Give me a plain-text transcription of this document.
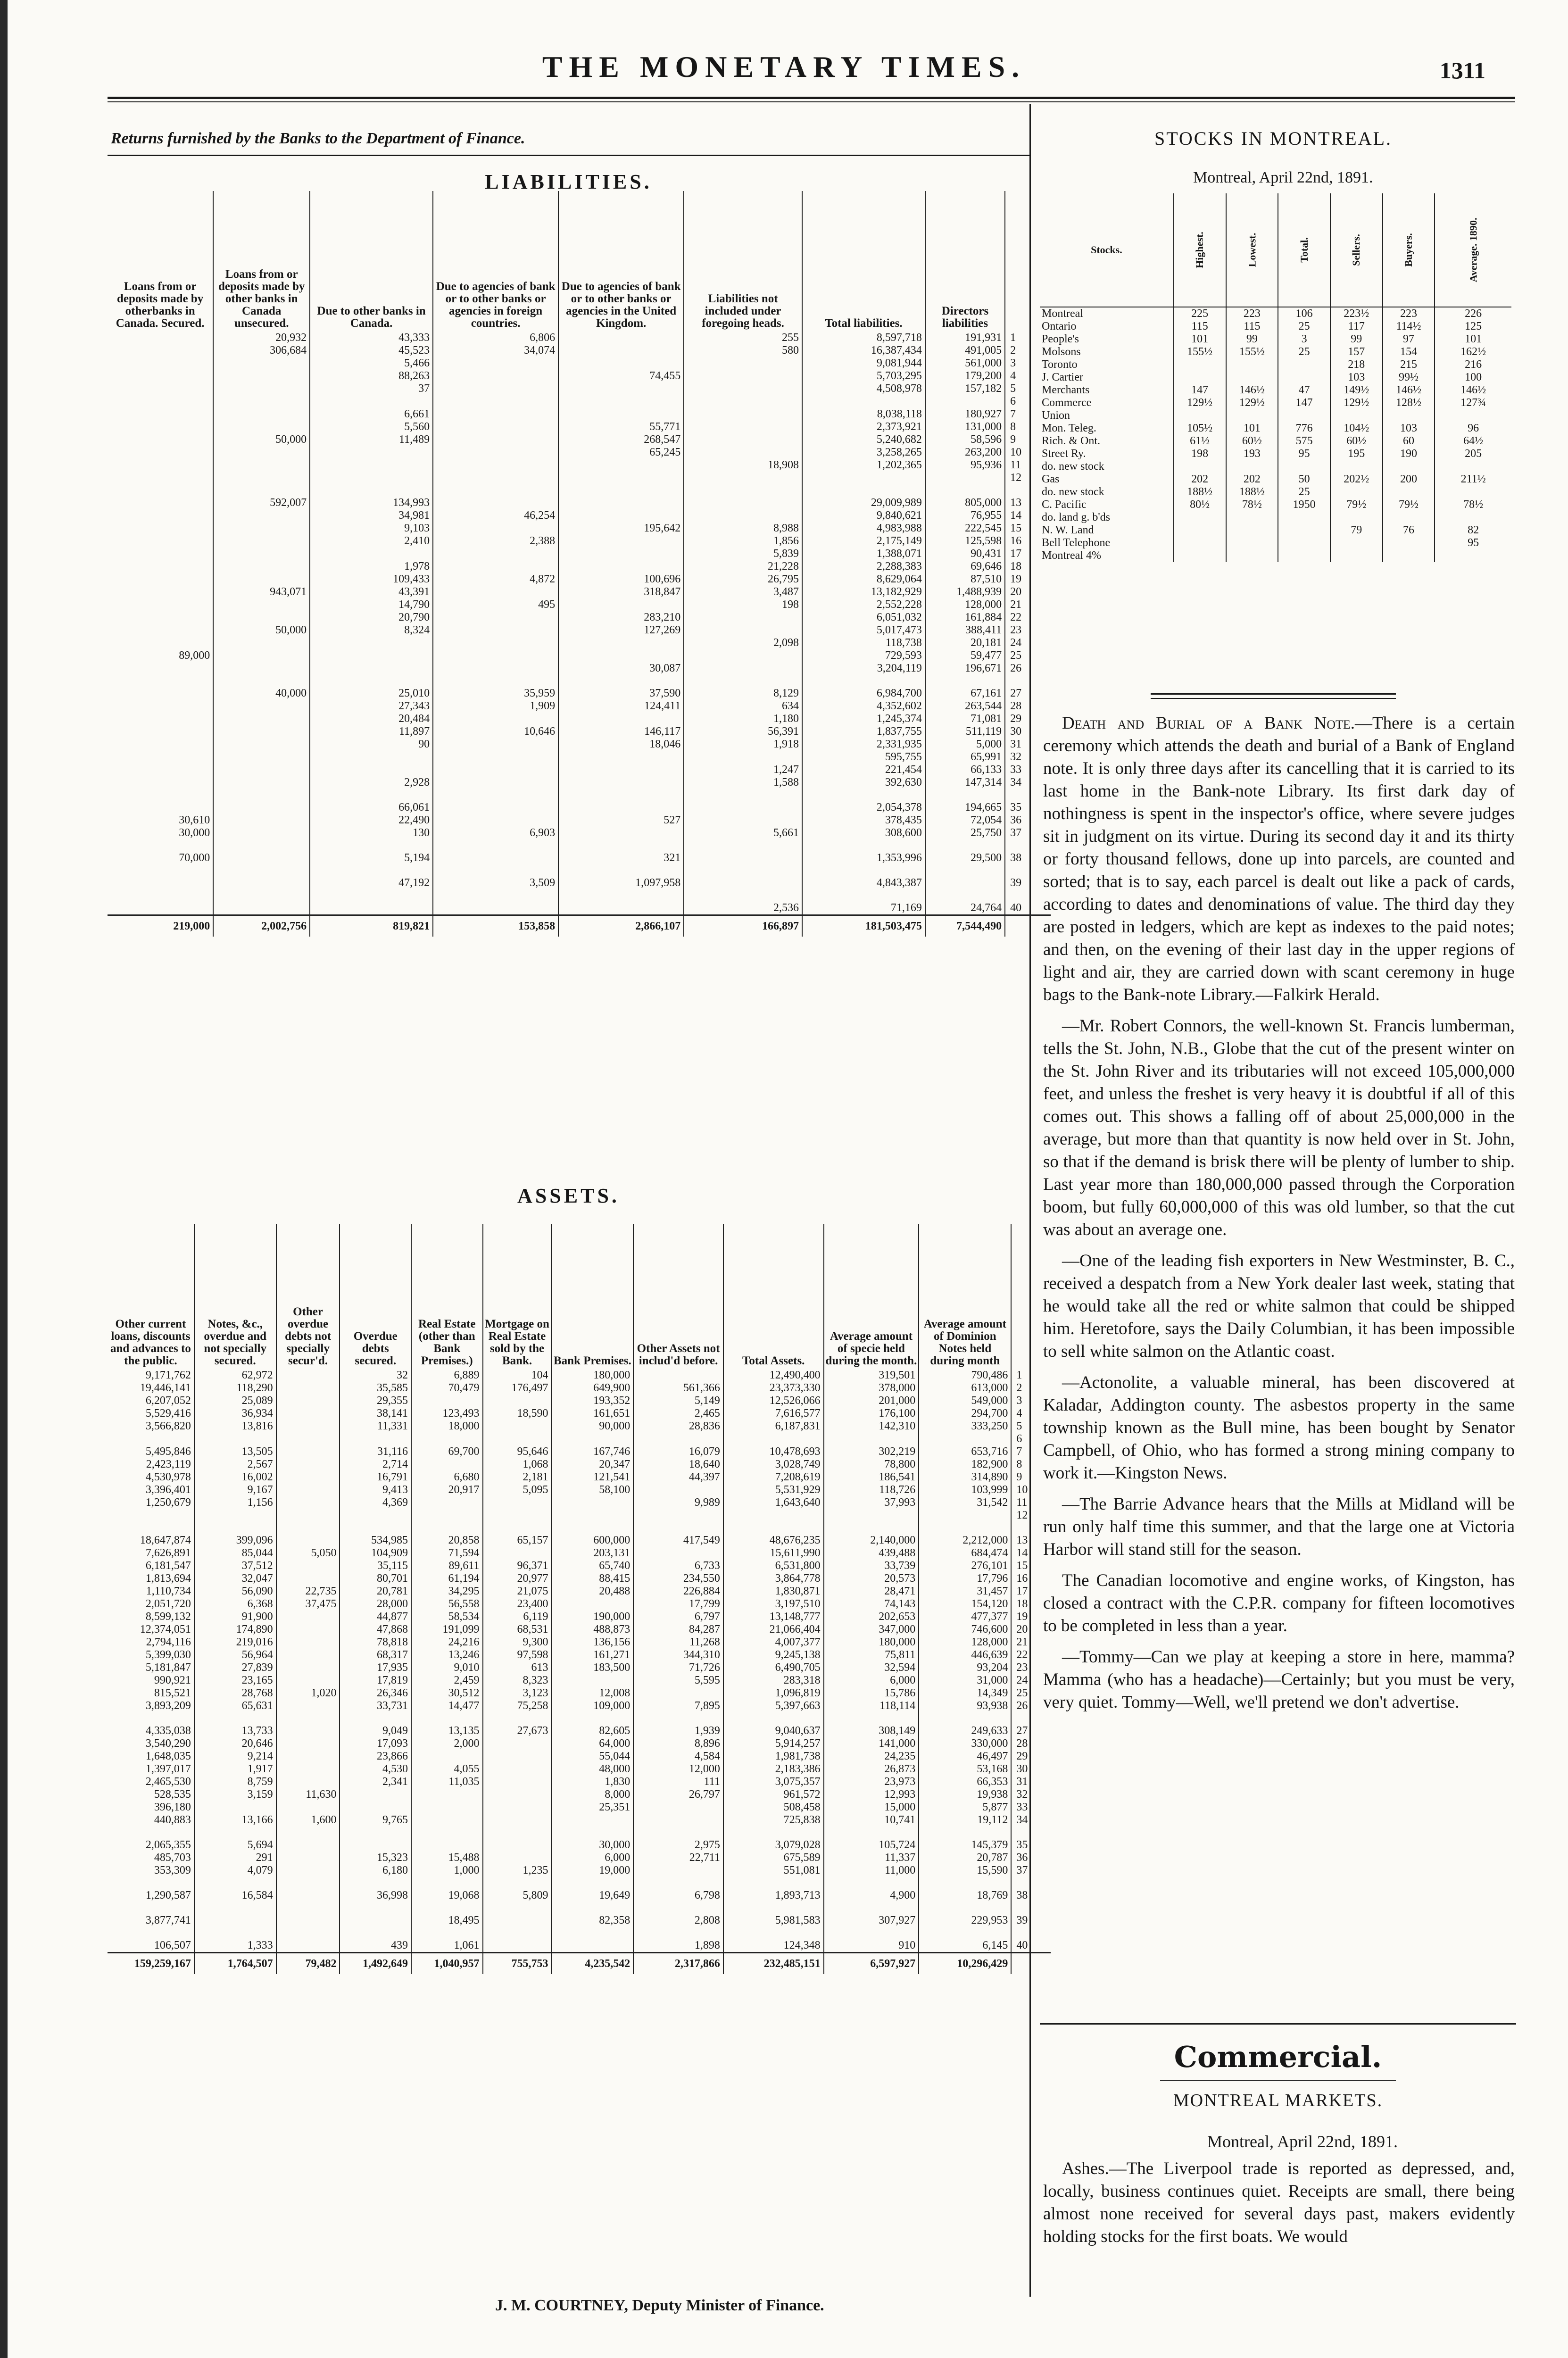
THE MONETARY TIMES.	1311
Returns furnished by the Banks to the Department of Finance.
LIABILITIES.
Loans from or deposits made by otherbanks in Canada. Secured.	Loans from or deposits made by other banks in Canada unsecured.	Due to other banks in Canada.	Due to agencies of bank or to other banks or agencies in foreign countries.	Due to agencies of bank or to other banks or agencies in the United Kingdom.	Liabilities not included under foregoing heads.	Total liabilities.	Directors liabilities	
	20,932	43,333	6,806		255	8,597,718	191,931	1
	306,684	45,523	34,074		580	16,387,434	491,005	2
		5,466				9,081,944	561,000	3
		88,263		74,455		5,703,295	179,200	4
		37				4,508,978	157,182	5
								6
		6,661				8,038,118	180,927	7
		5,560		55,771		2,373,921	131,000	8
	50,000	11,489		268,547		5,240,682	58,596	9
				65,245		3,258,265	263,200	10
					18,908	1,202,365	95,936	11
								12

	592,007	134,993				29,009,989	805,000	13
		34,981	46,254			9,840,621	76,955	14
		9,103		195,642	8,988	4,983,988	222,545	15
		2,410	2,388		1,856	2,175,149	125,598	16
					5,839	1,388,071	90,431	17
		1,978			21,228	2,288,383	69,646	18
		109,433	4,872	100,696	26,795	8,629,064	87,510	19
	943,071	43,391		318,847	3,487	13,182,929	1,488,939	20
		14,790	495		198	2,552,228	128,000	21
		20,790		283,210		6,051,032	161,884	22
	50,000	8,324		127,269		5,017,473	388,411	23
					2,098	118,738	20,181	24
89,000						729,593	59,477	25
				30,087		3,204,119	196,671	26

	40,000	25,010	35,959	37,590	8,129	6,984,700	67,161	27
		27,343	1,909	124,411	634	4,352,602	263,544	28
		20,484			1,180	1,245,374	71,081	29
		11,897	10,646	146,117	56,391	1,837,755	511,119	30
		90		18,046	1,918	2,331,935	5,000	31
						595,755	65,991	32
					1,247	221,454	66,133	33
		2,928			1,588	392,630	147,314	34

		66,061				2,054,378	194,665	35
30,610		22,490		527		378,435	72,054	36
30,000		130	6,903		5,661	308,600	25,750	37

70,000		5,194		321		1,353,996	29,500	38

		47,192	3,509	1,097,958		4,843,387		39

					2,536	71,169	24,764	40
219,000	2,002,756	819,821	153,858	2,866,107	166,897	181,503,475	7,544,490	
ASSETS.
Other current loans, discounts and advances to the public.	Notes, &c., overdue and not specially secured.	Other overdue debts not specially secur'd.	Overdue debts secured.	Real Estate (other than Bank Premises.)	Mortgage on Real Estate sold by the Bank.	Bank Premises.	Other Assets not includ'd before.	Total Assets.	Average amount of specie held during the month.	Average amount of Dominion Notes held during month	
9,171,762	62,972		32	6,889	104	180,000		12,490,400	319,501	790,486	1
19,446,141	118,290		35,585	70,479	176,497	649,900	561,366	23,373,330	378,000	613,000	2
6,207,052	25,089		29,355			193,352	5,149	12,526,066	201,000	549,000	3
5,529,416	36,934		38,141	123,493	18,590	161,651	2,465	7,616,577	176,100	294,700	4
3,566,820	13,816		11,331	18,000		90,000	28,836	6,187,831	142,310	333,250	5
											6
5,495,846	13,505		31,116	69,700	95,646	167,746	16,079	10,478,693	302,219	653,716	7
2,423,119	2,567		2,714		1,068	20,347	18,640	3,028,749	78,800	182,900	8
4,530,978	16,002		16,791	6,680	2,181	121,541	44,397	7,208,619	186,541	314,890	9
3,396,401	9,167		9,413	20,917	5,095	58,100		5,531,929	118,726	103,999	10
1,250,679	1,156		4,369				9,989	1,643,640	37,993	31,542	11
											12

18,647,874	399,096		534,985	20,858	65,157	600,000	417,549	48,676,235	2,140,000	2,212,000	13
7,626,891	85,044	5,050	104,909	71,594		203,131		15,611,990	439,488	684,474	14
6,181,547	37,512		35,115	89,611	96,371	65,740	6,733	6,531,800	33,739	276,101	15
1,813,694	32,047		80,701	61,194	20,977	88,415	234,550	3,864,778	20,573	17,796	16
1,110,734	56,090	22,735	20,781	34,295	21,075	20,488	226,884	1,830,871	28,471	31,457	17
2,051,720	6,368	37,475	28,000	56,558	23,400		17,799	3,197,510	74,143	154,120	18
8,599,132	91,900		44,877	58,534	6,119	190,000	6,797	13,148,777	202,653	477,377	19
12,374,051	174,890		47,868	191,099	68,531	488,873	84,287	21,066,404	347,000	746,600	20
2,794,116	219,016		78,818	24,216	9,300	136,156	11,268	4,007,377	180,000	128,000	21
5,399,030	56,964		68,317	13,246	97,598	161,271	344,310	9,245,138	75,811	446,639	22
5,181,847	27,839		17,935	9,010	613	183,500	71,726	6,490,705	32,594	93,204	23
990,921	23,165		17,819	2,459	8,323		5,595	283,318	6,000	31,000	24
815,521	28,768	1,020	26,346	30,512	3,123	12,008		1,096,819	15,786	14,349	25
3,893,209	65,631		33,731	14,477	75,258	109,000	7,895	5,397,663	118,114	93,938	26

4,335,038	13,733		9,049	13,135	27,673	82,605	1,939	9,040,637	308,149	249,633	27
3,540,290	20,646		17,093	2,000		64,000	8,896	5,914,257	141,000	330,000	28
1,648,035	9,214		23,866			55,044	4,584	1,981,738	24,235	46,497	29
1,397,017	1,917		4,530	4,055		48,000	12,000	2,183,386	26,873	53,168	30
2,465,530	8,759		2,341	11,035		1,830	111	3,075,357	23,973	66,353	31
528,535	3,159	11,630				8,000	26,797	961,572	12,993	19,938	32
396,180						25,351		508,458	15,000	5,877	33
440,883	13,166	1,600	9,765					725,838	10,741	19,112	34

2,065,355	5,694					30,000	2,975	3,079,028	105,724	145,379	35
485,703	291		15,323	15,488		6,000	22,711	675,589	11,337	20,787	36
353,309	4,079		6,180	1,000	1,235	19,000		551,081	11,000	15,590	37

1,290,587	16,584		36,998	19,068	5,809	19,649	6,798	1,893,713	4,900	18,769	38

3,877,741				18,495		82,358	2,808	5,981,583	307,927	229,953	39

106,507	1,333		439	1,061			1,898	124,348	910	6,145	40
159,259,167	1,764,507	79,482	1,492,649	1,040,957	755,753	4,235,542	2,317,866	232,485,151	6,597,927	10,296,429	
J. M. COURTNEY, Deputy Minister of Finance.
STOCKS IN MONTREAL.
Montreal, April 22nd, 1891.
Stocks.	Highest.	Lowest.	Total.	Sellers.	Buyers.	Average. 1890.
Montreal	225	223	106	223½	223	226
Ontario	115	115	25	117	114½	125
People's	101	99	3	99	97	101
Molsons	155½	155½	25	157	154	162½
Toronto				218	215	216
J. Cartier				103	99½	100
Merchants	147	146½	47	149½	146½	146½
Commerce	129½	129½	147	129½	128½	127¾
Union						
Mon. Teleg.	105½	101	776	104½	103	96
Rich. & Ont.	61½	60½	575	60½	60	64½
Street Ry.	198	193	95	195	190	205
do. new stock						
Gas	202	202	50	202½	200	211½
do. new stock	188½	188½	25			
C. Pacific	80½	78½	1950	79½	79½	78½
do. land g. b'ds						
N. W. Land				79	76	82
Bell Telephone						95
Montreal 4%						

Death and Burial of a Bank Note.—There is a certain ceremony which attends the death and burial of a Bank of England note. It is only three days after its cancelling that it is carried to its last home in the Bank-note Library. Its first dark day of nothingness is spent in the inspector's office, where severe judges sit in judgment on its virtue. During its second day it and its thirty or forty thousand fellows, done up into parcels, are counted and sorted; that is to say, each parcel is dealt out like a pack of cards, according to dates and denominations of value. The third day they are posted in ledgers, which are kept as indexes to the paid notes; and then, on the evening of their last day in the upper regions of light and air, they are carried down with scant ceremony in huge bags to the Bank-note Library.—Falkirk Herald.

—Mr. Robert Connors, the well-known St. Francis lumberman, tells the St. John, N.B., Globe that the cut of the present winter on the St. John River and its tributaries will not exceed 105,000,000 feet, and unless the freshet is very heavy it is doubtful if all of this comes out. This shows a falling off of about 25,000,000 in the average, but more than that quantity is now held over in St. John, so that if the demand is brisk there will be plenty of lumber to ship. Last year more than 180,000,000 passed through the Corporation boom, but fully 60,000,000 of this was old lumber, so that the cut was about an average one.

—One of the leading fish exporters in New Westminster, B. C., received a despatch from a New York dealer last week, stating that he would take all the red or white salmon that could be shipped him. Heretofore, says the Daily Columbian, it has been impossible to sell white salmon on the Atlantic coast.

—Actonolite, a valuable mineral, has been discovered at Kaladar, Addington county. The asbestos property in the same township known as the Bull mine, has been bought by Senator Campbell, of Ohio, who has formed a strong mining company to work it.—Kingston News.

—The Barrie Advance hears that the Mills at Midland will be run only half time this summer, and that the large one at Victoria Harbor will stand still for the season.

The Canadian locomotive and engine works, of Kingston, has closed a contract with the C.P.R. company for fifteen locomotives to be completed in less than a year.

—Tommy—Can we play at keeping a store in here, mamma? Mamma (who has a headache)—Certainly; but you must be very, very quiet. Tommy—Well, we'll pretend we don't advertise.

Commercial.
MONTREAL MARKETS.
Montreal, April 22nd, 1891.

Ashes.—The Liverpool trade is reported as depressed, and, locally, business continues quiet. Receipts are small, there being almost none received for several days past, makers evidently holding stocks for the first boats. We would
